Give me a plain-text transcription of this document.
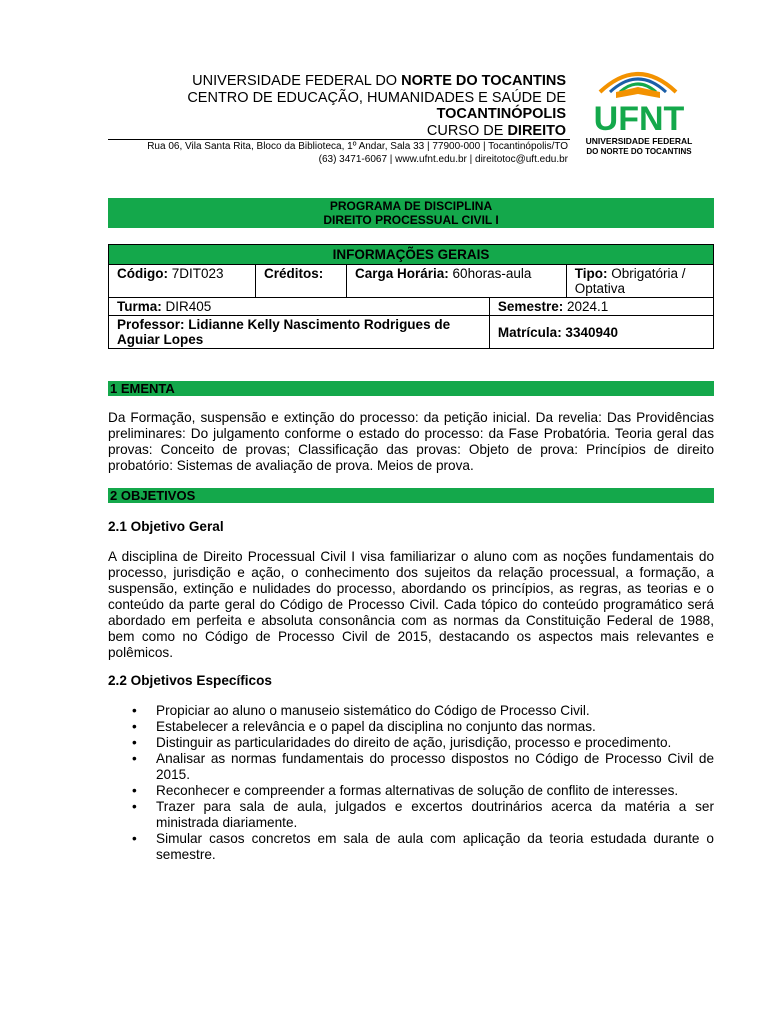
UNIVERSIDADE FEDERAL DO NORTE DO TOCANTINS
CENTRO DE EDUCAÇÃO, HUMANIDADES E SAÚDE DE
TOCANTINÓPOLIS
CURSO DE DIREITO
Rua 06, Vila Santa Rita, Bloco da Biblioteca, 1º Andar, Sala 33 | 77900-000 | Tocantinópolis/TO
(63) 3471-6067 | www.ufnt.edu.br | direitotoc@uft.edu.br
UFNT
UNIVERSIDADE FEDERAL
DO NORTE DO TOCANTINS
PROGRAMA DE DISCIPLINA
DIREITO PROCESSUAL CIVIL I
INFORMAÇÕES GERAIS				
Código: 7DIT023	Créditos:	Carga Horária: 60horas-aula		Tipo: Obrigatória / Optativa
Turma: DIR405			Semestre: 2024.1	
Professor: Lidianne Kelly Nascimento Rodrigues de Aguiar Lopes			Matrícula: 3340940	
1 EMENTA

Da Formação, suspensão e extinção do processo: da petição inicial. Da revelia: Das Providências preliminares: Do julgamento conforme o estado do processo: da Fase Probatória. Teoria geral das provas: Conceito de provas; Classificação das provas: Objeto de prova: Princípios de direito probatório: Sistemas de avaliação de prova. Meios de prova.

2 OBJETIVOS
2.1 Objetivo Geral

A disciplina de Direito Processual Civil I visa familiarizar o aluno com as noções fundamentais do processo, jurisdição e ação, o conhecimento dos sujeitos da relação processual, a formação, a suspensão, extinção e nulidades do processo, abordando os princípios, as regras, as teorias e o conteúdo da parte geral do Código de Processo Civil. Cada tópico do conteúdo programático será abordado em perfeita e absoluta consonância com as normas da Constituição Federal de 1988, bem como no Código de Processo Civil de 2015, destacando os aspectos mais relevantes e polêmicos.

2.2 Objetivos Específicos
• Propiciar ao aluno o manuseio sistemático do Código de Processo Civil.
• Estabelecer a relevância e o papel da disciplina no conjunto das normas.
• Distinguir as particularidades do direito de ação, jurisdição, processo e procedimento.
• Analisar as normas fundamentais do processo dispostos no Código de Processo Civil de 2015.
• Reconhecer e compreender a formas alternativas de solução de conflito de interesses.
• Trazer para sala de aula, julgados e excertos doutrinários acerca da matéria a ser ministrada diariamente.
• Simular casos concretos em sala de aula com aplicação da teoria estudada durante o semestre.
